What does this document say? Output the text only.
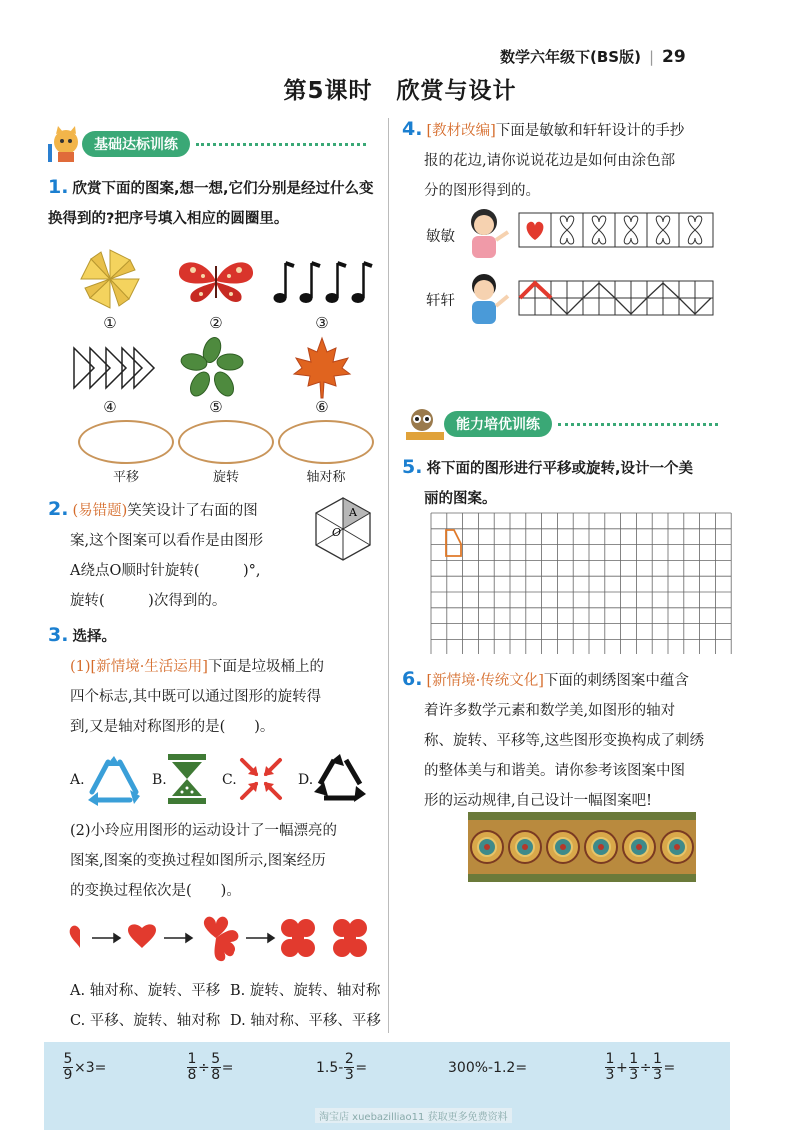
数学六年级下(BS版) | 29
第5课时　欣赏与设计
基础达标训练
1. 欣赏下面的图案,想一想,它们分别是经过什么变换得到的?把序号填入相应的圆圈里。
①	②	③
④	⑤	⑥
平移	旋转	轴对称
2. (易错题)笑笑设计了右面的图
案,这个图案可以看作是由图形
A绕点O顺时针旋转(　　　)°,
旋转(　　　)次得到的。
A
O
3. 选择。
(1)[新情境·生活运用]下面是垃圾桶上的
四个标志,其中既可以通过图形的旋转得
到,又是轴对称图形的是(　　)。
A.	B.	C.	D.
(2)小玲应用图形的运动设计了一幅漂亮的
图案,图案的变换过程如图所示,图案经历
的变换过程依次是(　　)。
A. 轴对称、旋转、平移 B. 旋转、旋转、轴对称
C. 平移、旋转、轴对称 D. 轴对称、平移、平移
4. [教材改编]下面是敏敏和轩轩设计的手抄
报的花边,请你说说花边是如何由涂色部
分的图形得到的。
敏敏
轩轩
能力培优训练
5. 将下面的图形进行平移或旋转,设计一个美
丽的图案。
6. [新情境·传统文化]下面的刺绣图案中蕴含
着许多数学元素和数学美,如图形的轴对
称、旋转、平移等,这些图形变换构成了刺绣
的整体美与和谐美。请你参考该图案中图
形的运动规律,自己设计一幅图案吧!
$\frac{5}{9} \times 3=$	$\frac{1}{8} \div \frac{5}{8}$ =	$1.5- \frac{2}{3}$ =	300%-1.2=	$\frac{1}{3} + \frac{1}{3} \div \frac{1}{3}$ =
淘宝店 xuebazilliao11 获取更多免费资料
